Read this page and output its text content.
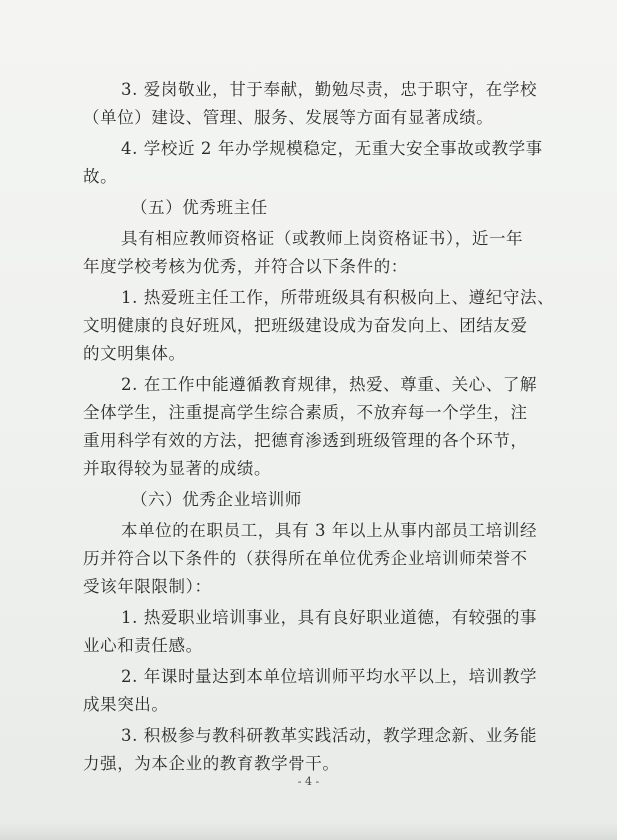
3. 爱岗敬业，甘于奉献，勤勉尽责，忠于职守，在学校
（单位）建设、管理、服务、发展等方面有显著成绩。
4. 学校近 2 年办学规模稳定，无重大安全事故或教学事
故。
（五）优秀班主任
具有相应教师资格证（或教师上岗资格证书），近一年
年度学校考核为优秀，并符合以下条件的：
1. 热爱班主任工作，所带班级具有积极向上、遵纪守法、
文明健康的良好班风，把班级建设成为奋发向上、团结友爱
的文明集体。
2. 在工作中能遵循教育规律，热爱、尊重、关心、了解
全体学生，注重提高学生综合素质，不放弃每一个学生，注
重用科学有效的方法，把德育渗透到班级管理的各个环节，
并取得较为显著的成绩。
（六）优秀企业培训师
本单位的在职员工，具有 3 年以上从事内部员工培训经
历并符合以下条件的（获得所在单位优秀企业培训师荣誉不
受该年限限制）：
1. 热爱职业培训事业，具有良好职业道德，有较强的事
业心和责任感。
2. 年课时量达到本单位培训师平均水平以上，培训教学
成果突出。
3. 积极参与教科研教革实践活动，教学理念新、业务能
力强，为本企业的教育教学骨干。
- 4 -
